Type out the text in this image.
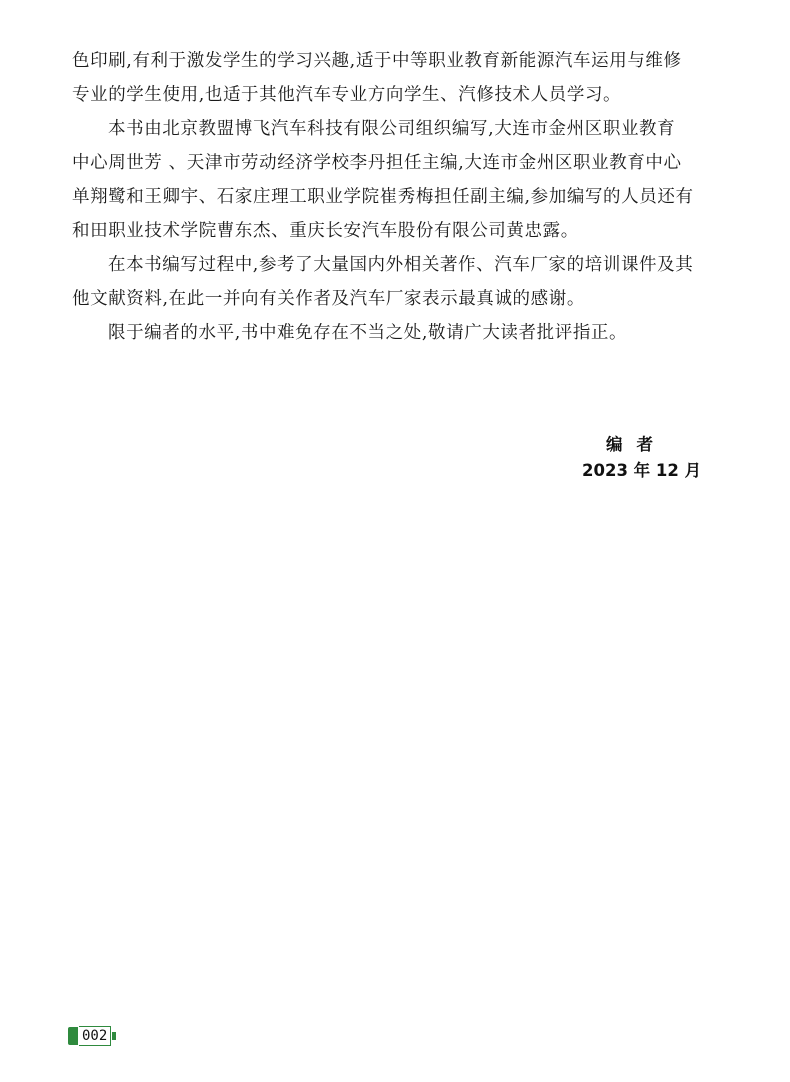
色印刷,有利于激发学生的学习兴趣,适于中等职业教育新能源汽车运用与维修
专业的学生使用,也适于其他汽车专业方向学生、汽修技术人员学习。
本书由北京教盟博飞汽车科技有限公司组织编写,大连市金州区职业教育
中心周世芳 、天津市劳动经济学校李丹担任主编,大连市金州区职业教育中心
单翔鹭和王卿宇、石家庄理工职业学院崔秀梅担任副主编,参加编写的人员还有
和田职业技术学院曹东杰、重庆长安汽车股份有限公司黄忠露。
在本书编写过程中,参考了大量国内外相关著作、汽车厂家的培训课件及其
他文献资料,在此一并向有关作者及汽车厂家表示最真诚的感谢。
限于编者的水平,书中难免存在不当之处,敬请广大读者批评指正。
编者
2023 年 12 月
002
